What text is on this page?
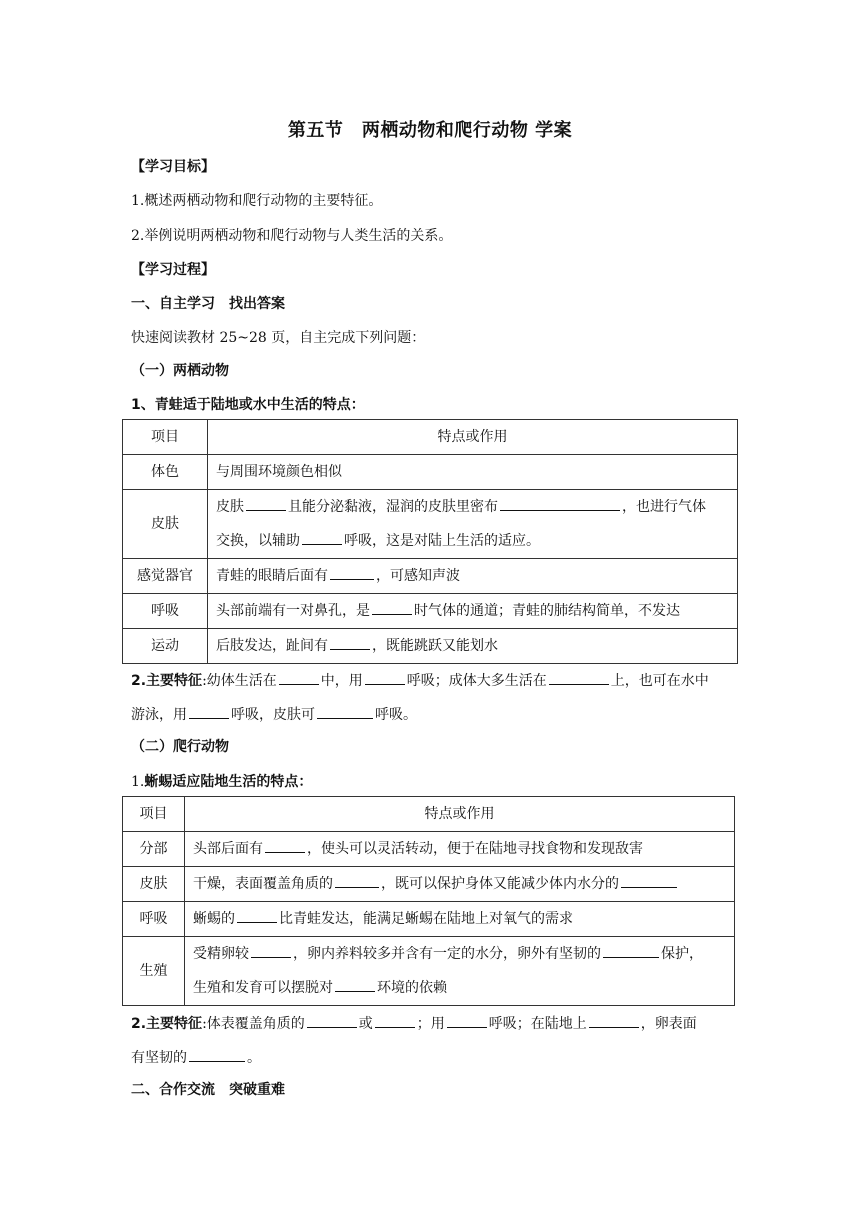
第五节　两栖动物和爬行动物 学案
【学习目标】
1.概述两栖动物和爬行动物的主要特征。
2.举例说明两栖动物和爬行动物与人类生活的关系。
【学习过程】
一、自主学习　找出答案
快速阅读教材 25~28 页，自主完成下列问题：
（一）两栖动物
1、青蛙适于陆地或水中生活的特点：
项目	特点或作用
体色	与周围环境颜色相似
皮肤	皮肤 且能分泌黏液，湿润的皮肤里密布 ，也进行气体
交换，以辅助 呼吸，这是对陆上生活的适应。

感觉器官	青蛙的眼睛后面有 ，可感知声波
呼吸	头部前端有一对鼻孔，是 时气体的通道；青蛙的肺结构简单，不发达
运动	后肢发达，趾间有 ，既能跳跃又能划水
2.主要特征:幼体生活在	中，用	呼吸；成体大多生活在	上，也可在水中
游泳，用	呼吸，皮肤可	呼吸。
（二）爬行动物
1.蜥蜴适应陆地生活的特点：
项目	特点或作用
分部	头部后面有 ，使头可以灵活转动，便于在陆地寻找食物和发现敌害
皮肤	干燥，表面覆盖角质的 ，既可以保护身体又能减少体内水分的
呼吸	蜥蜴的 比青蛙发达，能满足蜥蜴在陆地上对氧气的需求
生殖	受精卵较 ，卵内养料较多并含有一定的水分，卵外有坚韧的 保护，
生殖和发育可以摆脱对 环境的依赖
2.主要特征:体表覆盖角质的	或	；用	呼吸；在陆地上	，卵表面
有坚韧的	。
二、合作交流　突破重难
